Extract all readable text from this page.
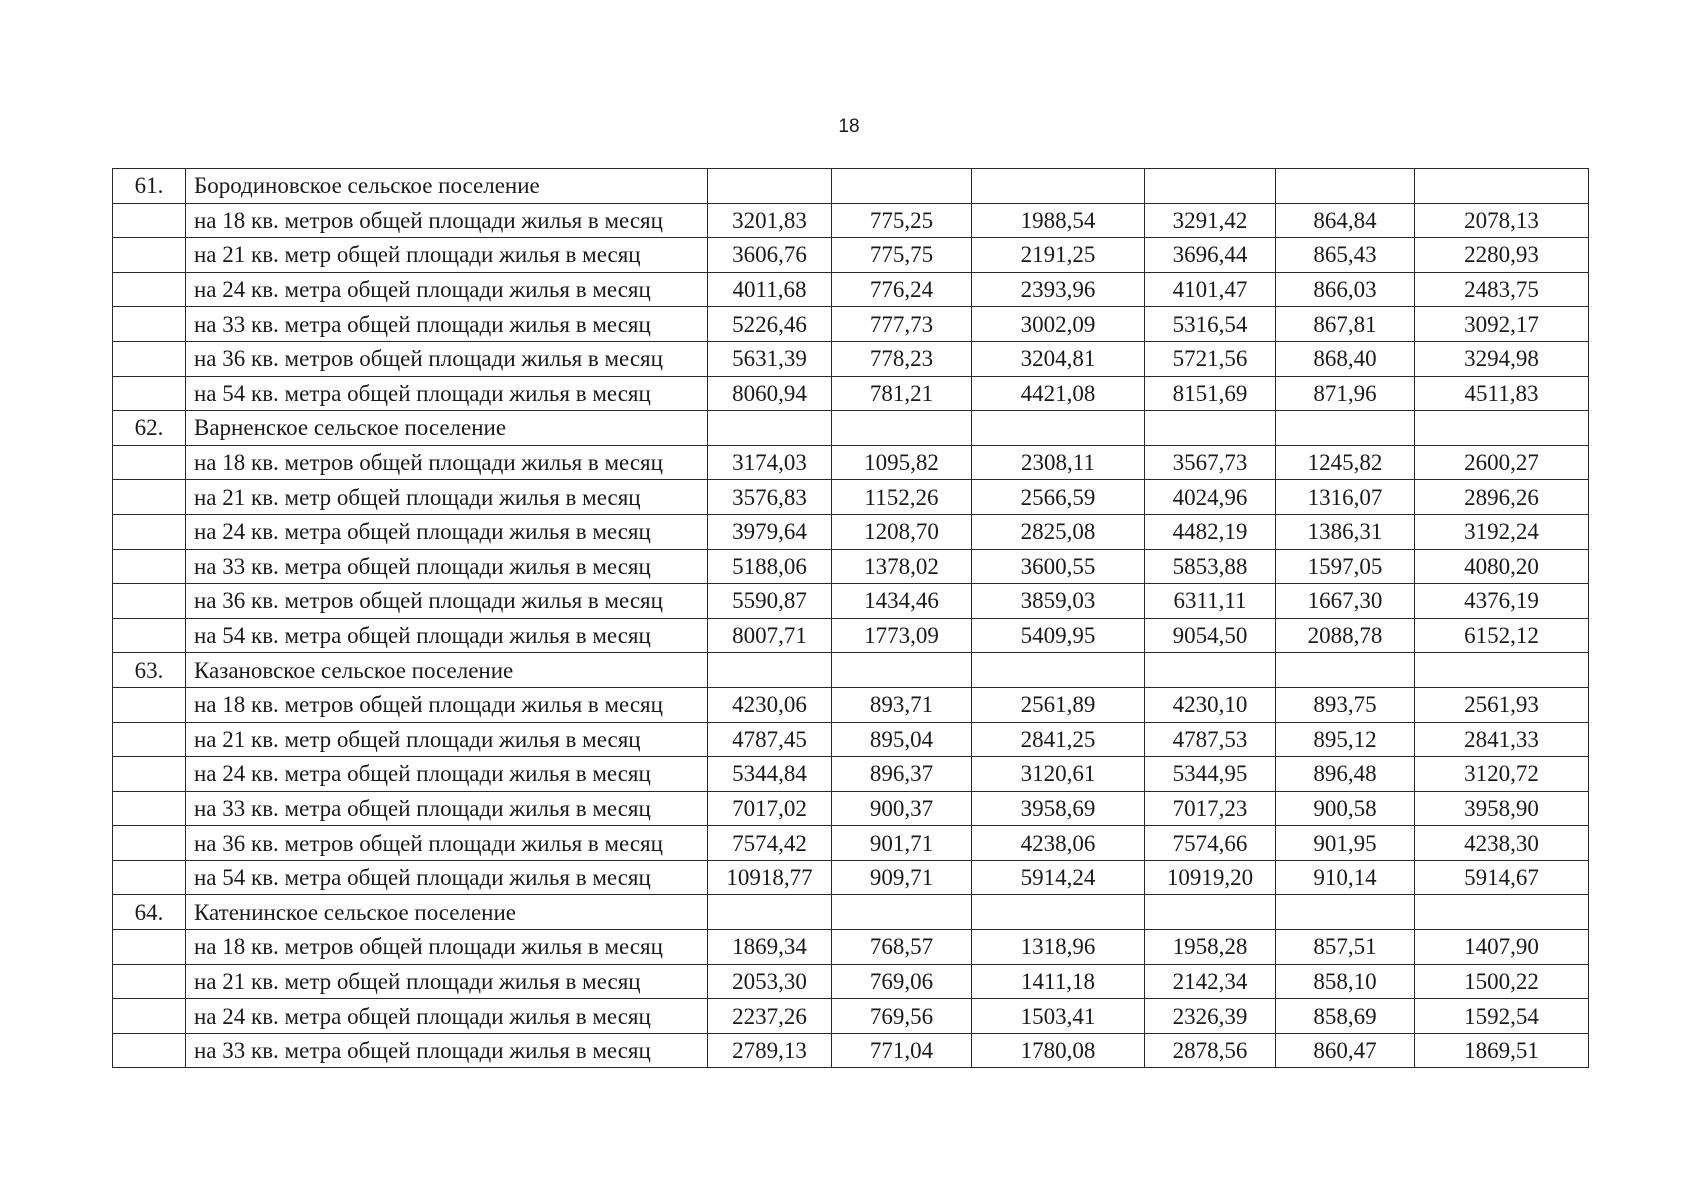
18
61.	Бородиновское сельское поселение						
	на 18 кв. метров общей площади жилья в месяц	3201,83	775,25	1988,54	3291,42	864,84	2078,13
	на 21 кв. метр общей площади жилья в месяц	3606,76	775,75	2191,25	3696,44	865,43	2280,93
	на 24 кв. метра общей площади жилья в месяц	4011,68	776,24	2393,96	4101,47	866,03	2483,75
	на 33 кв. метра общей площади жилья в месяц	5226,46	777,73	3002,09	5316,54	867,81	3092,17
	на 36 кв. метров общей площади жилья в месяц	5631,39	778,23	3204,81	5721,56	868,40	3294,98
	на 54 кв. метра общей площади жилья в месяц	8060,94	781,21	4421,08	8151,69	871,96	4511,83
62.	Варненское сельское поселение						
	на 18 кв. метров общей площади жилья в месяц	3174,03	1095,82	2308,11	3567,73	1245,82	2600,27
	на 21 кв. метр общей площади жилья в месяц	3576,83	1152,26	2566,59	4024,96	1316,07	2896,26
	на 24 кв. метра общей площади жилья в месяц	3979,64	1208,70	2825,08	4482,19	1386,31	3192,24
	на 33 кв. метра общей площади жилья в месяц	5188,06	1378,02	3600,55	5853,88	1597,05	4080,20
	на 36 кв. метров общей площади жилья в месяц	5590,87	1434,46	3859,03	6311,11	1667,30	4376,19
	на 54 кв. метра общей площади жилья в месяц	8007,71	1773,09	5409,95	9054,50	2088,78	6152,12
63.	Казановское сельское поселение						
	на 18 кв. метров общей площади жилья в месяц	4230,06	893,71	2561,89	4230,10	893,75	2561,93
	на 21 кв. метр общей площади жилья в месяц	4787,45	895,04	2841,25	4787,53	895,12	2841,33
	на 24 кв. метра общей площади жилья в месяц	5344,84	896,37	3120,61	5344,95	896,48	3120,72
	на 33 кв. метра общей площади жилья в месяц	7017,02	900,37	3958,69	7017,23	900,58	3958,90
	на 36 кв. метров общей площади жилья в месяц	7574,42	901,71	4238,06	7574,66	901,95	4238,30
	на 54 кв. метра общей площади жилья в месяц	10918,77	909,71	5914,24	10919,20	910,14	5914,67
64.	Катенинское сельское поселение						
	на 18 кв. метров общей площади жилья в месяц	1869,34	768,57	1318,96	1958,28	857,51	1407,90
	на 21 кв. метр общей площади жилья в месяц	2053,30	769,06	1411,18	2142,34	858,10	1500,22
	на 24 кв. метра общей площади жилья в месяц	2237,26	769,56	1503,41	2326,39	858,69	1592,54
	на 33 кв. метра общей площади жилья в месяц	2789,13	771,04	1780,08	2878,56	860,47	1869,51
